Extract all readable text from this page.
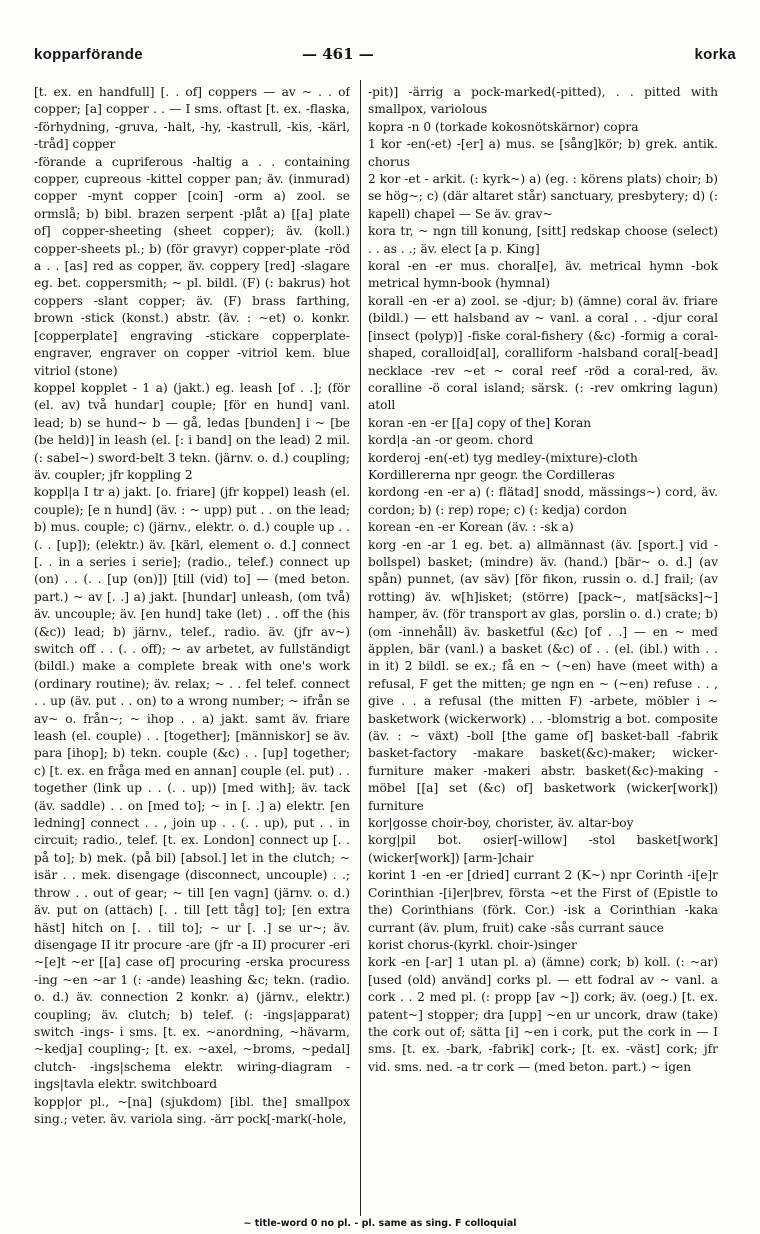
kopparförande	— 461 —	korka

[t. ex. en handfull] [. . of] coppers — av ~ . . of copper; [a] copper . . — I sms. oftast [t. ex. -flaska, -förhydning, -gruva, -halt, -hy, -kastrull, -kis, -kärl, -tråd] copper

-förande a cupriferous -haltig a . . containing copper, cupreous -kittel copper pan; äv. (inmurad) copper -mynt copper [coin] -orm a) zool. se ormslå; b) bibl. brazen serpent -plåt a) [[a] plate of] copper-sheeting (sheet copper); äv. (koll.) copper-sheets pl.; b) (för gravyr) copper-plate -röd a . . [as] red as copper, äv. coppery [red] -slagare eg. bet. coppersmith; ~ pl. bildl. (F) (: bakrus) hot coppers -slant copper; äv. (F) brass farthing, brown -stick (konst.) abstr. (äv. : ~et) o. konkr. [copperplate] engraving -stickare copperplate-engraver, engraver on copper -vitriol kem. blue vitriol (stone)

koppel kopplet - 1 a) (jakt.) eg. leash [of . .]; (för (el. av) två hundar] couple; [för en hund] vanl. lead; b) se hund~ b — gå, ledas [bunden] i ~ [be (be held)] in leash (el. [: i band] on the lead) 2 mil. (: sabel~) sword-belt 3 tekn. (järnv. o. d.) coupling; äv. coupler; jfr koppling 2

koppl|a I tr a) jakt. [o. friare] (jfr koppel) leash (el. couple); [e n hund] (äv. : ~ upp) put . . on the lead; b) mus. couple; c) (järnv., elektr. o. d.) couple up . . (. . [up]); (elektr.) äv. [kärl, element o. d.] connect [. . in a series i serie]; (radio., telef.) connect up (on) . . (. . [up (on)]) [till (vid) to] — (med beton. part.) ~ av [. .] a) jakt. [hundar] unleash, (om två) äv. uncouple; äv. [en hund] take (let) . . off the (his (&c)) lead; b) järnv., telef., radio. äv. (jfr av~) switch off . . (. . off); ~ av arbetet, av fullständigt (bildl.) make a complete break with one's work (ordinary routine); äv. relax; ~ . . fel telef. connect . . up (äv. put . . on) to a wrong number; ~ ifrån se av~ o. från~; ~ ihop . . a) jakt. samt äv. friare leash (el. couple) . . [together]; [människor] se äv. para [ihop]; b) tekn. couple (&c) . . [up] together; c) [t. ex. en fråga med en annan] couple (el. put) . . together (link up . . (. . up)) [med with]; äv. tack (äv. saddle) . . on [med to]; ~ in [. .] a) elektr. [en ledning] connect . . , join up . . (. . up), put . . in circuit; radio., telef. [t. ex. London] connect up [. . på to]; b) mek. (på bil) [absol.] let in the clutch; ~ isär . . mek. disengage (disconnect, uncouple) . .; throw . . out of gear; ~ till [en vagn] (järnv. o. d.) äv. put on (attach) [. . till [ett tåg] to]; [en extra häst] hitch on [. . till to]; ~ ur [. .] se ur~; äv. disengage II itr procure -are (jfr -a II) procurer -eri ~[e]t ~er [[a] case of] procuring -erska procuress -ing ~en ~ar 1 (: -ande) leashing &c; tekn. (radio. o. d.) äv. connection 2 konkr. a) (järnv., elektr.) coupling; äv. clutch; b) telef. (: -ings|apparat) switch -ings- i sms. [t. ex. ~anordning, ~hävarm, ~kedja] coupling-; [t. ex. ~axel, ~broms, ~pedal] clutch- -ings|schema elektr. wiring-diagram -ings|tavla elektr. switchboard

kopp|or pl., ~[na] (sjukdom) [ibl. the] smallpox sing.; veter. äv. variola sing. -ärr pock[-mark(-hole,

-pit)] -ärrig a pock-marked(-pitted), . . pitted with smallpox, variolous

kopra -n 0 (torkade kokosnötskärnor) copra

1 kor -en(-et) -[er] a) mus. se [sång]kör; b) grek. antik. chorus

2 kor -et - arkit. (: kyrk~) a) (eg. : körens plats) choir; b) se hög~; c) (där altaret står) sanctuary, presbytery; d) (: kapell) chapel — Se äv. grav~

kora tr, ~ ngn till konung, [sitt] redskap choose (select) . . as . .; äv. elect [a p. King]

koral -en -er mus. choral[e], äv. metrical hymn -bok metrical hymn-book (hymnal)

korall -en -er a) zool. se -djur; b) (ämne) coral äv. friare (bildl.) — ett halsband av ~ vanl. a coral . . -djur coral [insect (polyp)] -fiske coral-fishery (&c) -formig a coral-shaped, coralloid[al], coralliform -halsband coral[-bead] necklace -rev ~et ~ coral reef -röd a coral-red, äv. coralline -ö coral island; särsk. (: -rev omkring lagun) atoll

koran -en -er [[a] copy of the] Koran

kord|a -an -or geom. chord

korderoj -en(-et) tyg medley-(mixture)-cloth

Kordillererna npr geogr. the Cordilleras

kordong -en -er a) (: flätad] snodd, mässings~) cord, äv. cordon; b) (: rep) rope; c) (: kedja) cordon

korean -en -er Korean (äv. : -sk a)

korg -en -ar 1 eg. bet. a) allmännast (äv. [sport.] vid -bollspel) basket; (mindre) äv. (hand.) [bär~ o. d.] (av spån) punnet, (av säv) [för fikon, russin o. d.] frail; (av rotting) äv. w[h]isket; (större) [pack~, mat[säcks]~] hamper, äv. (för transport av glas, porslin o. d.) crate; b) (om -innehåll) äv. basketful (&c) [of . .] — en ~ med äpplen, bär (vanl.) a basket (&c) of . . (el. (ibl.) with . . in it) 2 bildl. se ex.; få en ~ (~en) have (meet with) a refusal, F get the mitten; ge ngn en ~ (~en) refuse . . , give . . a refusal (the mitten F) -arbete, möbler i ~ basketwork (wickerwork) . . -blomstrig a bot. composite (äv. : ~ växt) -boll [the game of] basket-ball -fabrik basket-factory -makare basket(&c)-maker; wicker-furniture maker -makeri abstr. basket(&c)-making -möbel [[a] set (&c) of] basketwork (wicker[work]) furniture

kor|gosse choir-boy, chorister, äv. altar-boy

korg|pil bot. osier[-willow] -stol basket[work] (wicker[work]) [arm-]chair

korint 1 -en -er [dried] currant 2 (K~) npr Corinth -i[e]r Corinthian -[i]er|brev, första ~et the First of (Epistle to the) Corinthians (förk. Cor.) -isk a Corinthian -kaka currant (äv. plum, fruit) cake -sås currant sauce

korist chorus-(kyrkl. choir-)singer

kork -en [-ar] 1 utan pl. a) (ämne) cork; b) koll. (: ~ar) [used (old) använd] corks pl. — ett fodral av ~ vanl. a cork . . 2 med pl. (: propp [av ~]) cork; äv. (oeg.) [t. ex. patent~] stopper; dra [upp] ~en ur uncork, draw (take) the cork out of; sätta [i] ~en i cork, put the cork in — I sms. [t. ex. -bark, -fabrik] cork-; [t. ex. -väst] cork; jfr vid. sms. ned. -a tr cork — (med beton. part.) ~ igen

~ title-word 0 no pl. - pl. same as sing. F colloquial
